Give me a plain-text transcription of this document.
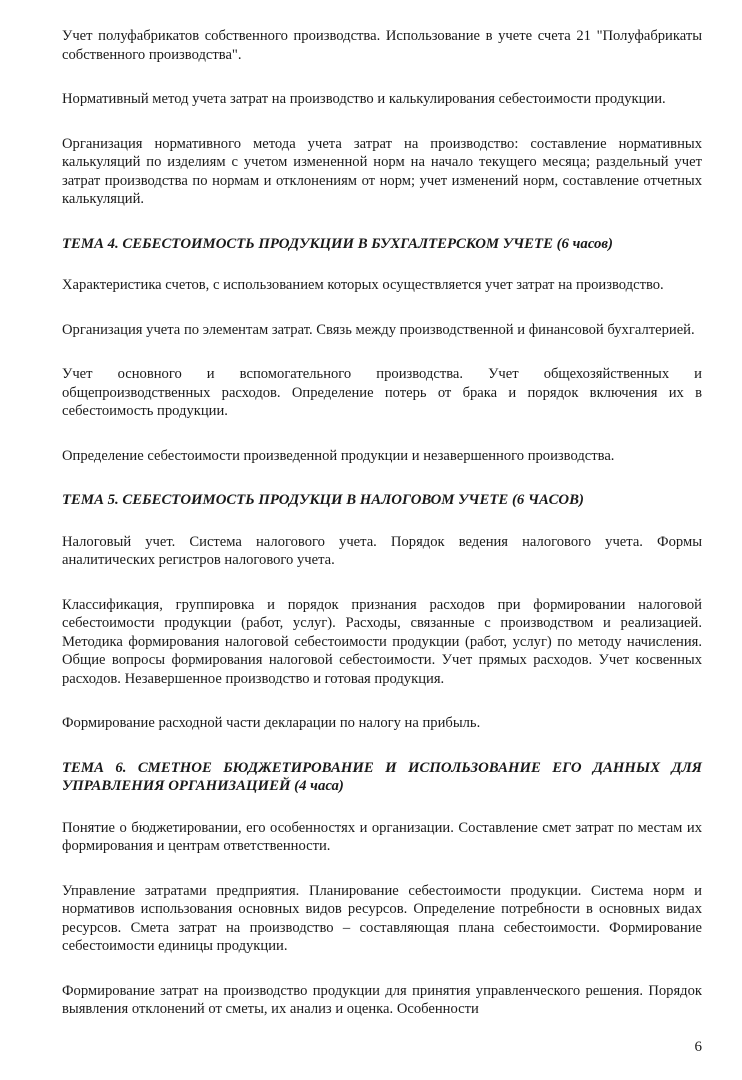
Учет полуфабрикатов собственного производства. Использование в учете счета 21 "Полуфабрикаты собственного производства".

Нормативный метод учета затрат на производство и калькулирования себестоимости продукции.

Организация нормативного метода учета затрат на производство: составление нормативных калькуляций по изделиям с учетом измененной норм на начало текущего месяца; раздельный учет затрат производства по нормам и отклонениям от норм; учет изменений норм, составление отчетных калькуляций.

ТЕМА 4. СЕБЕСТОИМОСТЬ ПРОДУКЦИИ В БУХГАЛТЕРСКОМ УЧЕТЕ (6 часов)

Характеристика счетов, с использованием которых осуществляется учет затрат на производство.

Организация учета по элементам затрат. Связь между производственной и финансовой бухгалтерией.

Учет основного и вспомогательного производства. Учет общехозяйственных и общепроизводственных расходов. Определение потерь от брака и порядок включения их в себестоимость продукции.

Определение себестоимости произведенной продукции и незавершенного производства.

ТЕМА 5. СЕБЕСТОИМОСТЬ ПРОДУКЦИ В НАЛОГОВОМ УЧЕТЕ (6 ЧАСОВ)

Налоговый учет. Система налогового учета. Порядок ведения налогового учета. Формы аналитических регистров налогового учета.

Классификация, группировка и порядок признания расходов при формировании налоговой себестоимости продукции (работ, услуг). Расходы, связанные с производством и реализацией. Методика формирования налоговой себестоимости продукции (работ, услуг) по методу начисления. Общие вопросы формирования налоговой себестоимости. Учет прямых расходов. Учет косвенных расходов. Незавершенное производство и готовая продукция.

Формирование расходной части декларации по налогу на прибыль.

ТЕМА 6. СМЕТНОЕ БЮДЖЕТИРОВАНИЕ И ИСПОЛЬЗОВАНИЕ ЕГО ДАННЫХ ДЛЯ УПРАВЛЕНИЯ ОРГАНИЗАЦИЕЙ (4 часа)

Понятие о бюджетировании, его особенностях и организации. Составление смет затрат по местам их формирования и центрам ответственности.

Управление затратами предприятия. Планирование себестоимости продукции. Система норм и нормативов использования основных видов ресурсов. Определение потребности в основных видах ресурсов. Смета затрат на производство – составляющая плана себестоимости. Формирование себестоимости единицы продукции.

Формирование затрат на производство продукции для принятия управленческого решения. Порядок выявления отклонений от сметы, их анализ и оценка. Особенности

6
